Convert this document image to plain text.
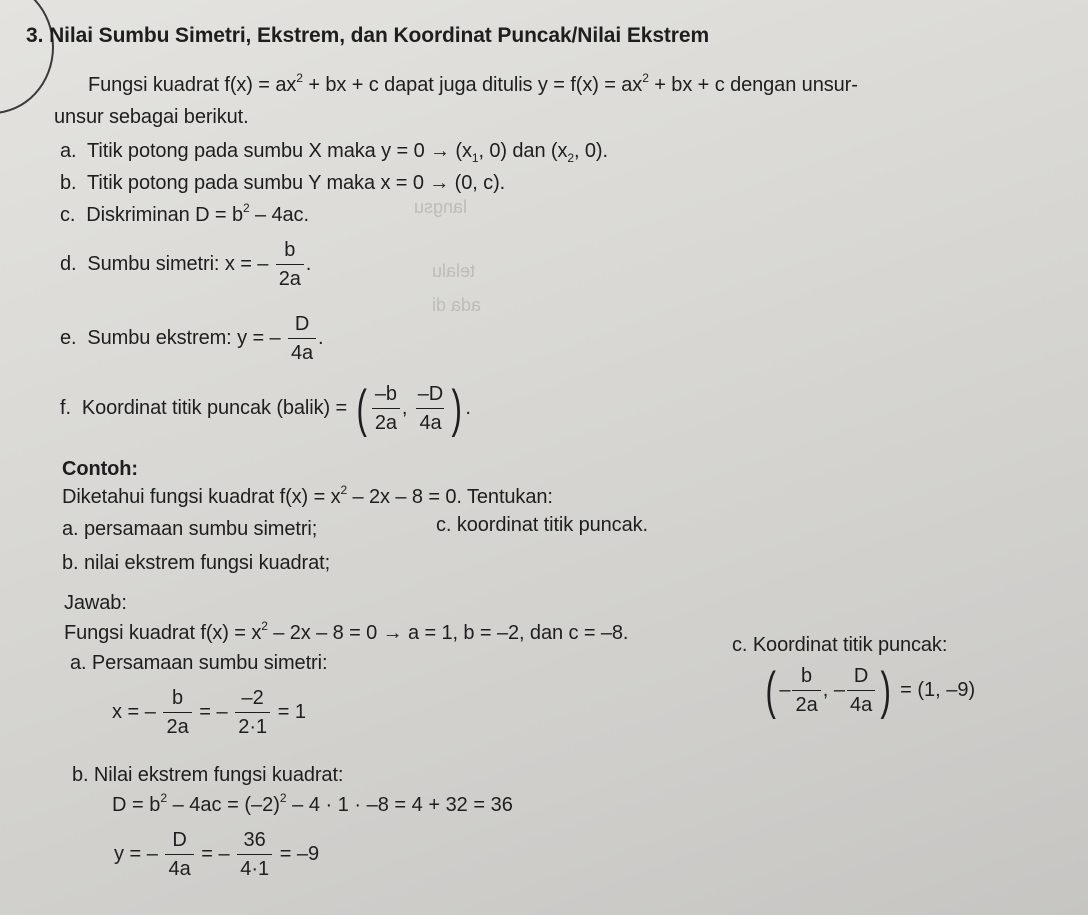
3. Nilai Sumbu Simetri, Ekstrem, dan Koordinat Puncak/Nilai Ekstrem
Fungsi kuadrat $f(x) = ax^2$ + bx + c dapat juga ditulis $y = f(x) = ax^2$ + bx + c dengan unsur-
unsur sebagai berikut.
a. Titik potong pada sumbu X maka $y = 0 \to (x_1$, 0) dan ($x_2$, 0).
b. Titik potong pada sumbu Y maka x = 0 → (0, c).
c. Diskriminan $D = b^2 - 4ac$.
d. Sumbu simetri: x = – $\frac{b}{2a}$ .
e. Sumbu ekstrem: y = – $\frac{D}{4a}$ .
f. Koordinat titik puncak (balik) = ( $\frac{-b}{2a}$ , $\frac{-D}{4a}$ ) .
langsu
telalu
ada di
Contoh:
Diketahui fungsi kuadrat $f(x) = x^2 - 2x - 8 = 0$. Tentukan:
a. persamaan sumbu simetri;	c. koordinat titik puncak.
b. nilai ekstrem fungsi kuadrat;
Jawab:
Fungsi kuadrat $f(x) = x^2 - 2x - 8 = 0 \to a = 1$, b = –2, dan c = –8.
a. Persamaan sumbu simetri:
c. Koordinat titik puncak:
x = – $\frac{b}{2a}$ = – $\frac{-2}{2\cdot 1} = 1$	( – $\frac{b}{2a}$ , – $\frac{D}{4a}$ ) = (1, –9)
b. Nilai ekstrem fungsi kuadrat:
$D = b^2 - 4ac = (-2)^2 - 4 \cdot 1 \cdot -8 = 4 + 32 = 36$
y = – $\frac{D}{4a}$ = – $\frac{36}{4\cdot 1} = -9$
